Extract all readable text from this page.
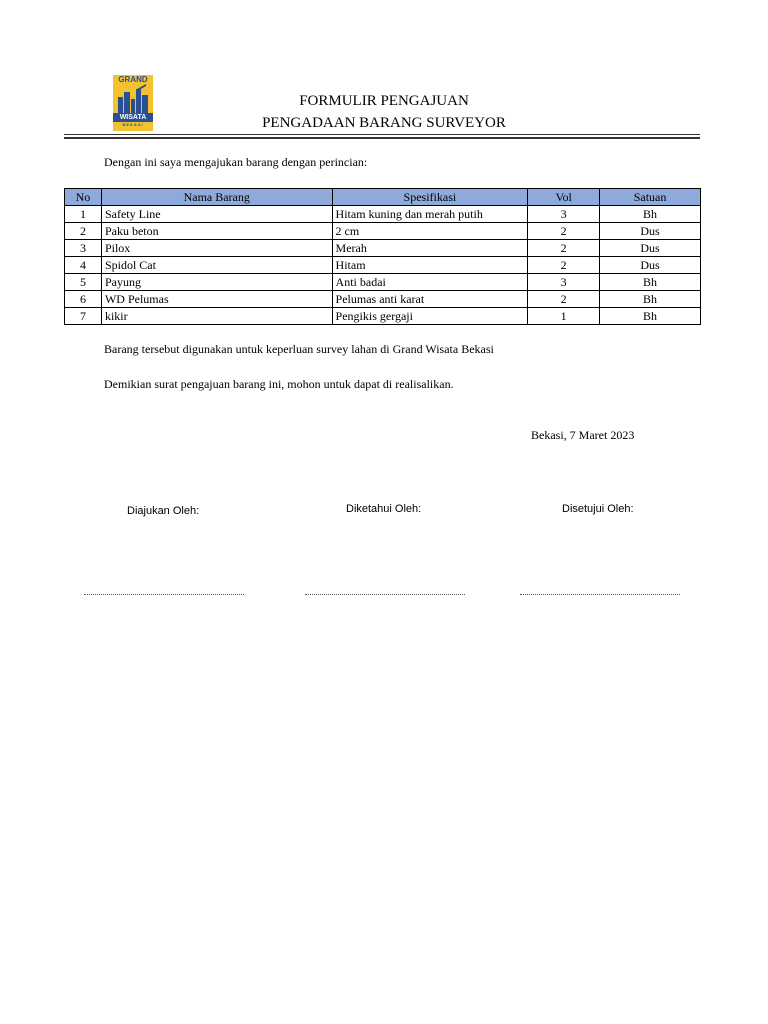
GRAND
WISATA
BEKASI
FORMULIR PENGAJUAN
PENGADAAN BARANG SURVEYOR
Dengan ini saya mengajukan barang dengan perincian:
No	Nama Barang	Spesifikasi	Vol	Satuan
1	Safety Line	Hitam kuning dan merah putih	3	Bh
2	Paku beton	2 cm	2	Dus
3	Pilox	Merah	2	Dus
4	Spidol Cat	Hitam	2	Dus
5	Payung	Anti badai	3	Bh
6	WD Pelumas	Pelumas anti karat	2	Bh
7	kikir	Pengikis gergaji	1	Bh
Barang tersebut digunakan untuk keperluan survey lahan di Grand Wisata Bekasi
Demikian surat pengajuan barang ini, mohon untuk dapat di realisalikan.
Bekasi, 7 Maret 2023
Diajukan Oleh:	Diketahui Oleh:	Disetujui Oleh:
